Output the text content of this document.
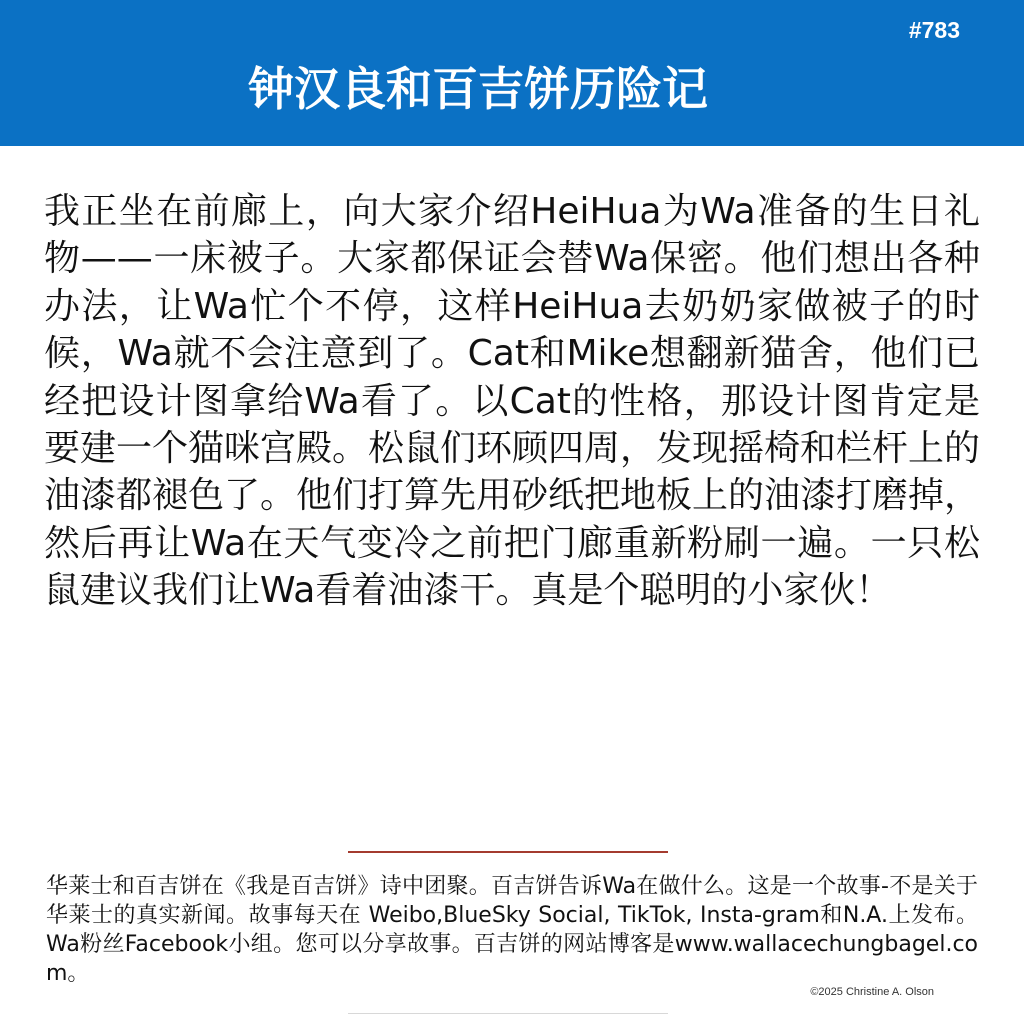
#783
钟汉良和百吉饼历险记

我正坐在前廊上，向大家介绍HeiHua为Wa准备的生日礼物——一床被子。大家都保证会替Wa保密。他们想出各种办法，让Wa忙个不停，这样HeiHua去奶奶家做被子的时候，Wa就不会注意到了。Cat和Mike想翻新猫舍，他们已经把设计图拿给Wa看了。以Cat的性格，那设计图肯定是要建一个猫咪宫殿。松鼠们环顾四周，发现摇椅和栏杆上的油漆都褪色了。他们打算先用砂纸把地板上的油漆打磨掉，然后再让Wa在天气变冷之前把门廊重新粉刷一遍。一只松鼠建议我们让Wa看着油漆干。真是个聪明的小家伙！

华莱士和百吉饼在《我是百吉饼》诗中团聚。百吉饼告诉Wa在做什么。这是一个故事-不是关于华莱士的真实新闻。故事每天在 Weibo,BlueSky Social, TikTok, Insta-gram和N.A.上发布。Wa粉丝Facebook小组。您可以分享故事。百吉饼的网站博客是www.wallacechungbagel.com。

©2025 Christine A. Olson
